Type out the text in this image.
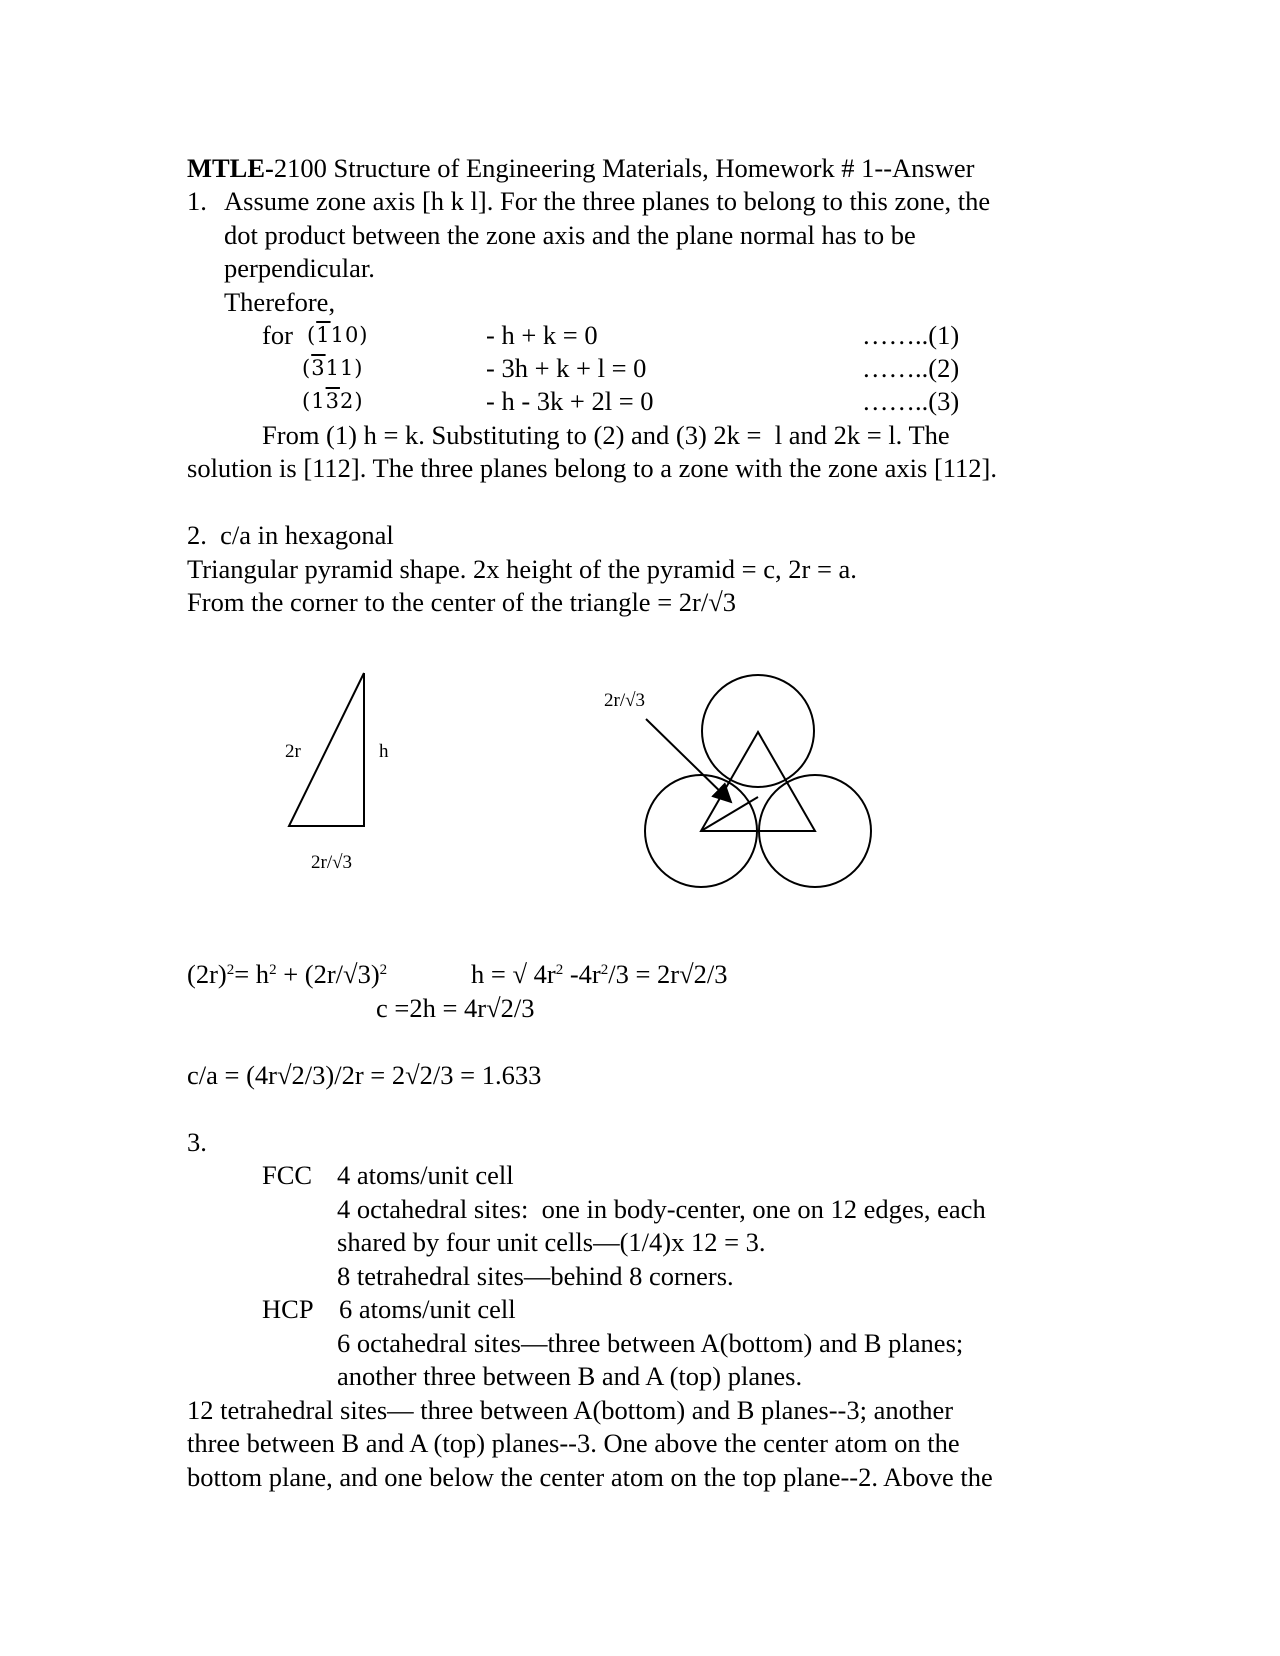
MTLE-2100 Structure of Engineering Materials, Homework # 1--Answer
1. Assume zone axis [h k l]. For the three planes to belong to this zone, the
dot product between the zone axis and the plane normal has to be
perpendicular.
Therefore,
for (110)	- h + k = 0	……..(1)
(311)	- 3h + k + l = 0	……..(2)
(132)	- h - 3k + 2l = 0	……..(3)
From (1) h = k. Substituting to (2) and (3) 2k =  l and 2k = l. The
solution is [112]. The three planes belong to a zone with the zone axis [112].
2.  c/a in hexagonal
Triangular pyramid shape. 2x height of the pyramid = c, 2r = a.
From the corner to the center of the triangle = 2r/√3
2r	h
2r/√3
2r/√3
$(2r)^2= h^2 + (2r/√3)^2$	h = √ $4r^2$ $-4r^2/3 = 2r√2/3$
c =2h = 4r√2/3
c/a = (4r√2/3)/2r = 2√2/3 = 1.633
3.
FCC 4 atoms/unit cell
4 octahedral sites:  one in body-center, one on 12 edges, each
shared by four unit cells—(1/4)x 12 = 3.
8 tetrahedral sites—behind 8 corners.
HCP 6 atoms/unit cell
6 octahedral sites—three between A(bottom) and B planes;
another three between B and A (top) planes.
12 tetrahedral sites— three between A(bottom) and B planes--3; another
three between B and A (top) planes--3. One above the center atom on the
bottom plane, and one below the center atom on the top plane--2. Above the
